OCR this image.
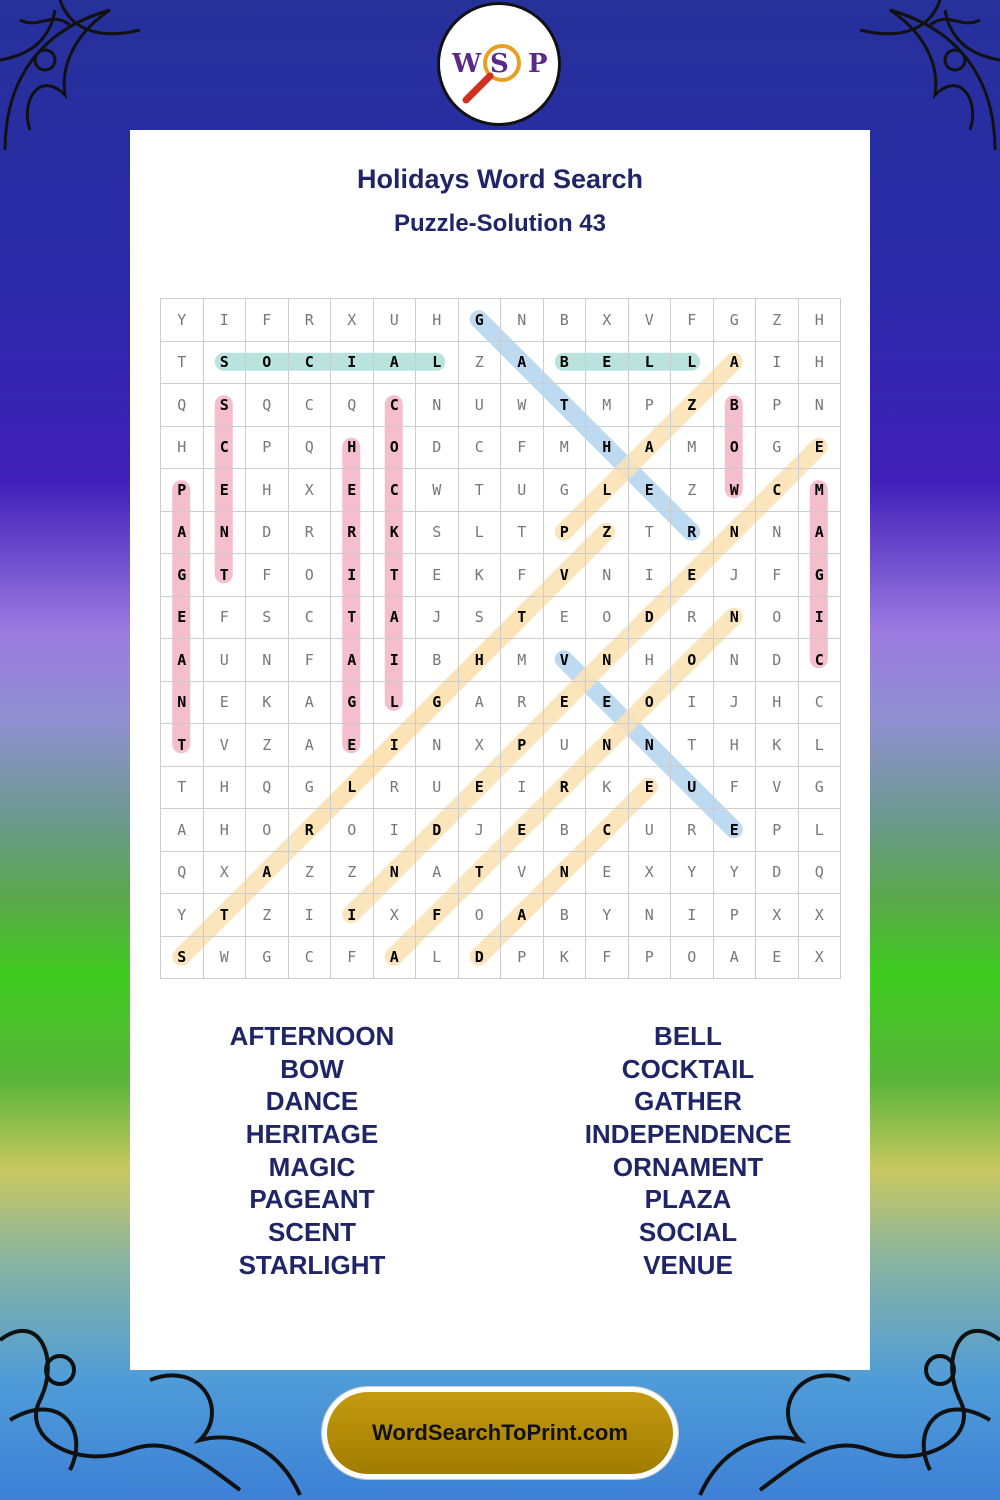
W S P
Holidays Word Search
Puzzle-Solution 43
Y	I	F	R	X	U	H	G	N	B	X	V	F	G	Z	H
T	S	O	C	I	A	L	Z	A	B	E	L	L	A	I	H
Q	S	Q	C	Q	C	N	U	W	T	M	P	Z	B	P	N
H	C	P	Q	H	O	D	C	F	M	H	A	M	O	G	E
P	E	H	X	E	C	W	T	U	G	L	E	Z	W	C	M
A	N	D	R	R	K	S	L	T	P	Z	T	R	N	N	A
G	T	F	O	I	T	E	K	F	V	N	I	E	J	F	G
E	F	S	C	T	A	J	S	T	E	O	D	R	N	O	I
A	U	N	F	A	I	B	H	M	V	N	H	O	N	D	C
N	E	K	A	G	L	G	A	R	E	E	O	I	J	H	C
T	V	Z	A	E	I	N	X	P	U	N	N	T	H	K	L
T	H	Q	G	L	R	U	E	I	R	K	E	U	F	V	G
A	H	O	R	O	I	D	J	E	B	C	U	R	E	P	L
Q	X	A	Z	Z	N	A	T	V	N	E	X	Y	Y	D	Q
Y	T	Z	I	I	X	F	O	A	B	Y	N	I	P	X	X
S	W	G	C	F	A	L	D	P	K	F	P	O	A	E	X
AFTERNOON
BOW
DANCE
HERITAGE
MAGIC
PAGEANT
SCENT
STARLIGHT
BELL
COCKTAIL
GATHER
INDEPENDENCE
ORNAMENT
PLAZA
SOCIAL
VENUE
WordSearchToPrint.com
